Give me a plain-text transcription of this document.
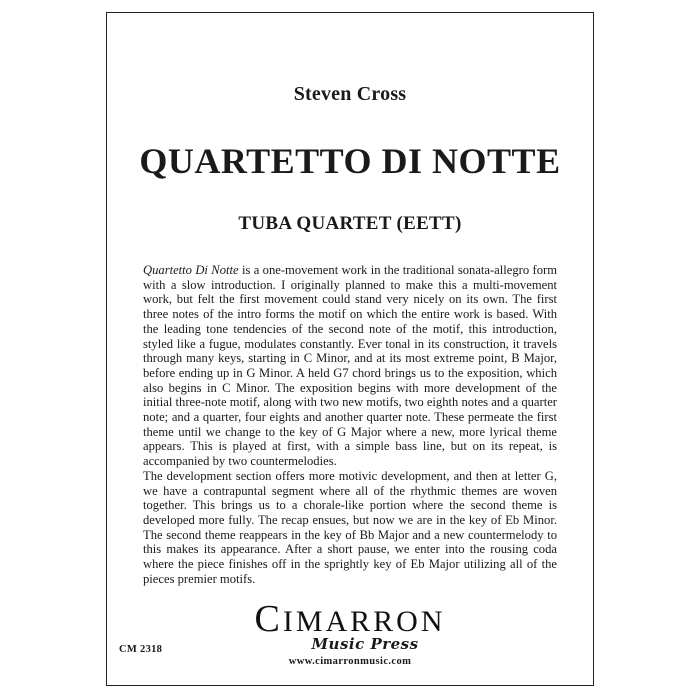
Steven Cross
QUARTETTO DI NOTTE
TUBA QUARTET (EETT)

Quartetto Di Notte is a one-movement work in the traditional sonata-allegro form with a slow introduction. I originally planned to make this a multi-movement work, but felt the first movement could stand very nicely on its own. The first three notes of the intro forms the motif on which the entire work is based. With the leading tone tendencies of the second note of the motif, this introduction, styled like a fugue, modulates constantly. Ever tonal in its construction, it travels through many keys, starting in C Minor, and at its most extreme point, B Major, before ending up in G Minor. A held G7 chord brings us to the exposition, which also begins in C Minor. The exposition begins with more development of the initial three-note motif, along with two new motifs, two eighth notes and a quarter note; and a quarter, four eights and another quarter note. These permeate the first theme until we change to the key of G Major where a new, more lyrical theme appears. This is played at first, with a simple bass line, but on its repeat, is accompanied by two countermelodies.

The development section offers more motivic development, and then at letter G, we have a contrapuntal segment where all of the rhythmic themes are woven together. This brings us to a chorale-like portion where the second theme is developed more fully. The recap ensues, but now we are in the key of Eb Minor. The second theme reappears in the key of Bb Major and a new countermelody to this makes its appearance. After a short pause, we enter into the rousing coda where the piece finishes off in the sprightly key of Eb Major utilizing all of the pieces premier motifs.

CIMARRON
Music Press
www.cimarronmusic.com
CM 2318
